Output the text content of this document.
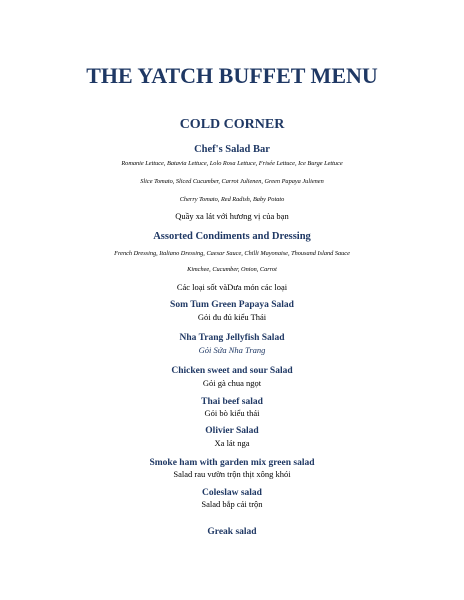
THE YATCH BUFFET MENU
COLD CORNER
Chef's Salad Bar
Romanie Lettuce, Batavia Lettuce, Lolo Rosa Lettuce, Frisée Lettuce, Ice Burge Lettuce
Slice Tomato, Sliced Cucumber, Carrot Julienen, Green Papaya Julienen
Cherry Tomato, Red Radish, Baby Potato
Quầy xa lát với hương vị của bạn
Assorted Condiments and Dressing
French Dressing, Italiano Dressing, Caesar Sauce, Chilli Mayonaise, Thousand Island Sauce
Kimchee, Cucumber, Onion, Carrot
Các loại sốt vàDưa món các loại
Som Tum Green Papaya Salad
Gỏi đu đủ kiểu Thái
Nha Trang Jellyfish Salad
Gỏi Sứa Nha Trang
Chicken sweet and sour Salad
Gỏi gà chua ngọt
Thai beef salad
Gỏi bò kiểu thái
Olivier Salad
Xa lát nga
Smoke ham with garden mix green salad
Salad rau vườn trộn thịt xông khói
Coleslaw salad
Salad bắp cải trộn
Greak salad
